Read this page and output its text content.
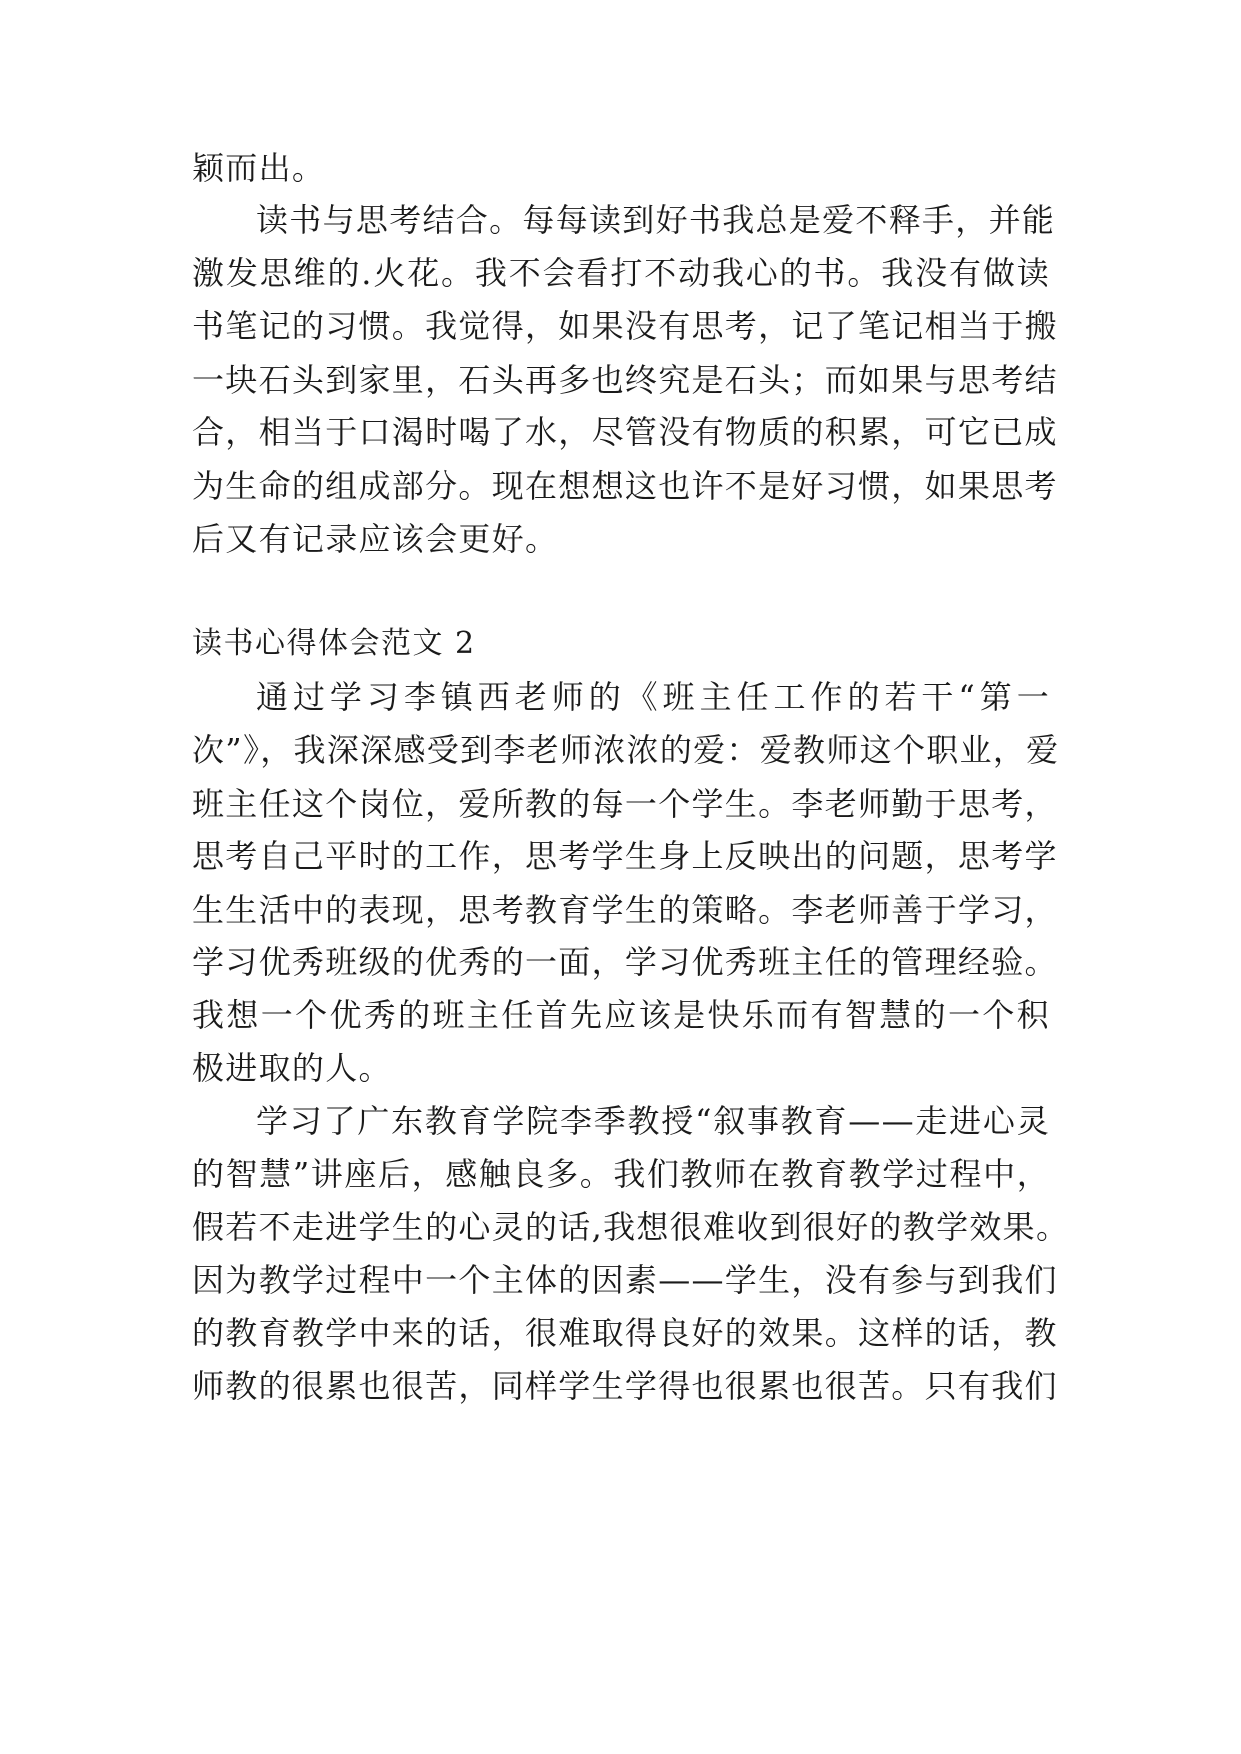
颖而出。
读书与思考结合。每每读到好书我总是爱不释手，并能
激发思维的.火花。我不会看打不动我心的书。我没有做读
书笔记的习惯。我觉得，如果没有思考，记了笔记相当于搬
一块石头到家里，石头再多也终究是石头；而如果与思考结
合，相当于口渴时喝了水，尽管没有物质的积累，可它已成
为生命的组成部分。现在想想这也许不是好习惯，如果思考
后又有记录应该会更好。
读书心得体会范文 2
通过学习李镇西老师的《班主任工作的若干“第一
次”》，我深深感受到李老师浓浓的爱：爱教师这个职业，爱
班主任这个岗位，爱所教的每一个学生。李老师勤于思考，
思考自己平时的工作，思考学生身上反映出的问题，思考学
生生活中的表现，思考教育学生的策略。李老师善于学习，
学习优秀班级的优秀的一面，学习优秀班主任的管理经验。
我想一个优秀的班主任首先应该是快乐而有智慧的一个积
极进取的人。
学习了广东教育学院李季教授“叙事教育——走进心灵
的智慧”讲座后，感触良多。我们教师在教育教学过程中，
假若不走进学生的心灵的话,我想很难收到很好的教学效果。
因为教学过程中一个主体的因素——学生，没有参与到我们
的教育教学中来的话，很难取得良好的效果。这样的话，教
师教的很累也很苦，同样学生学得也很累也很苦。只有我们
